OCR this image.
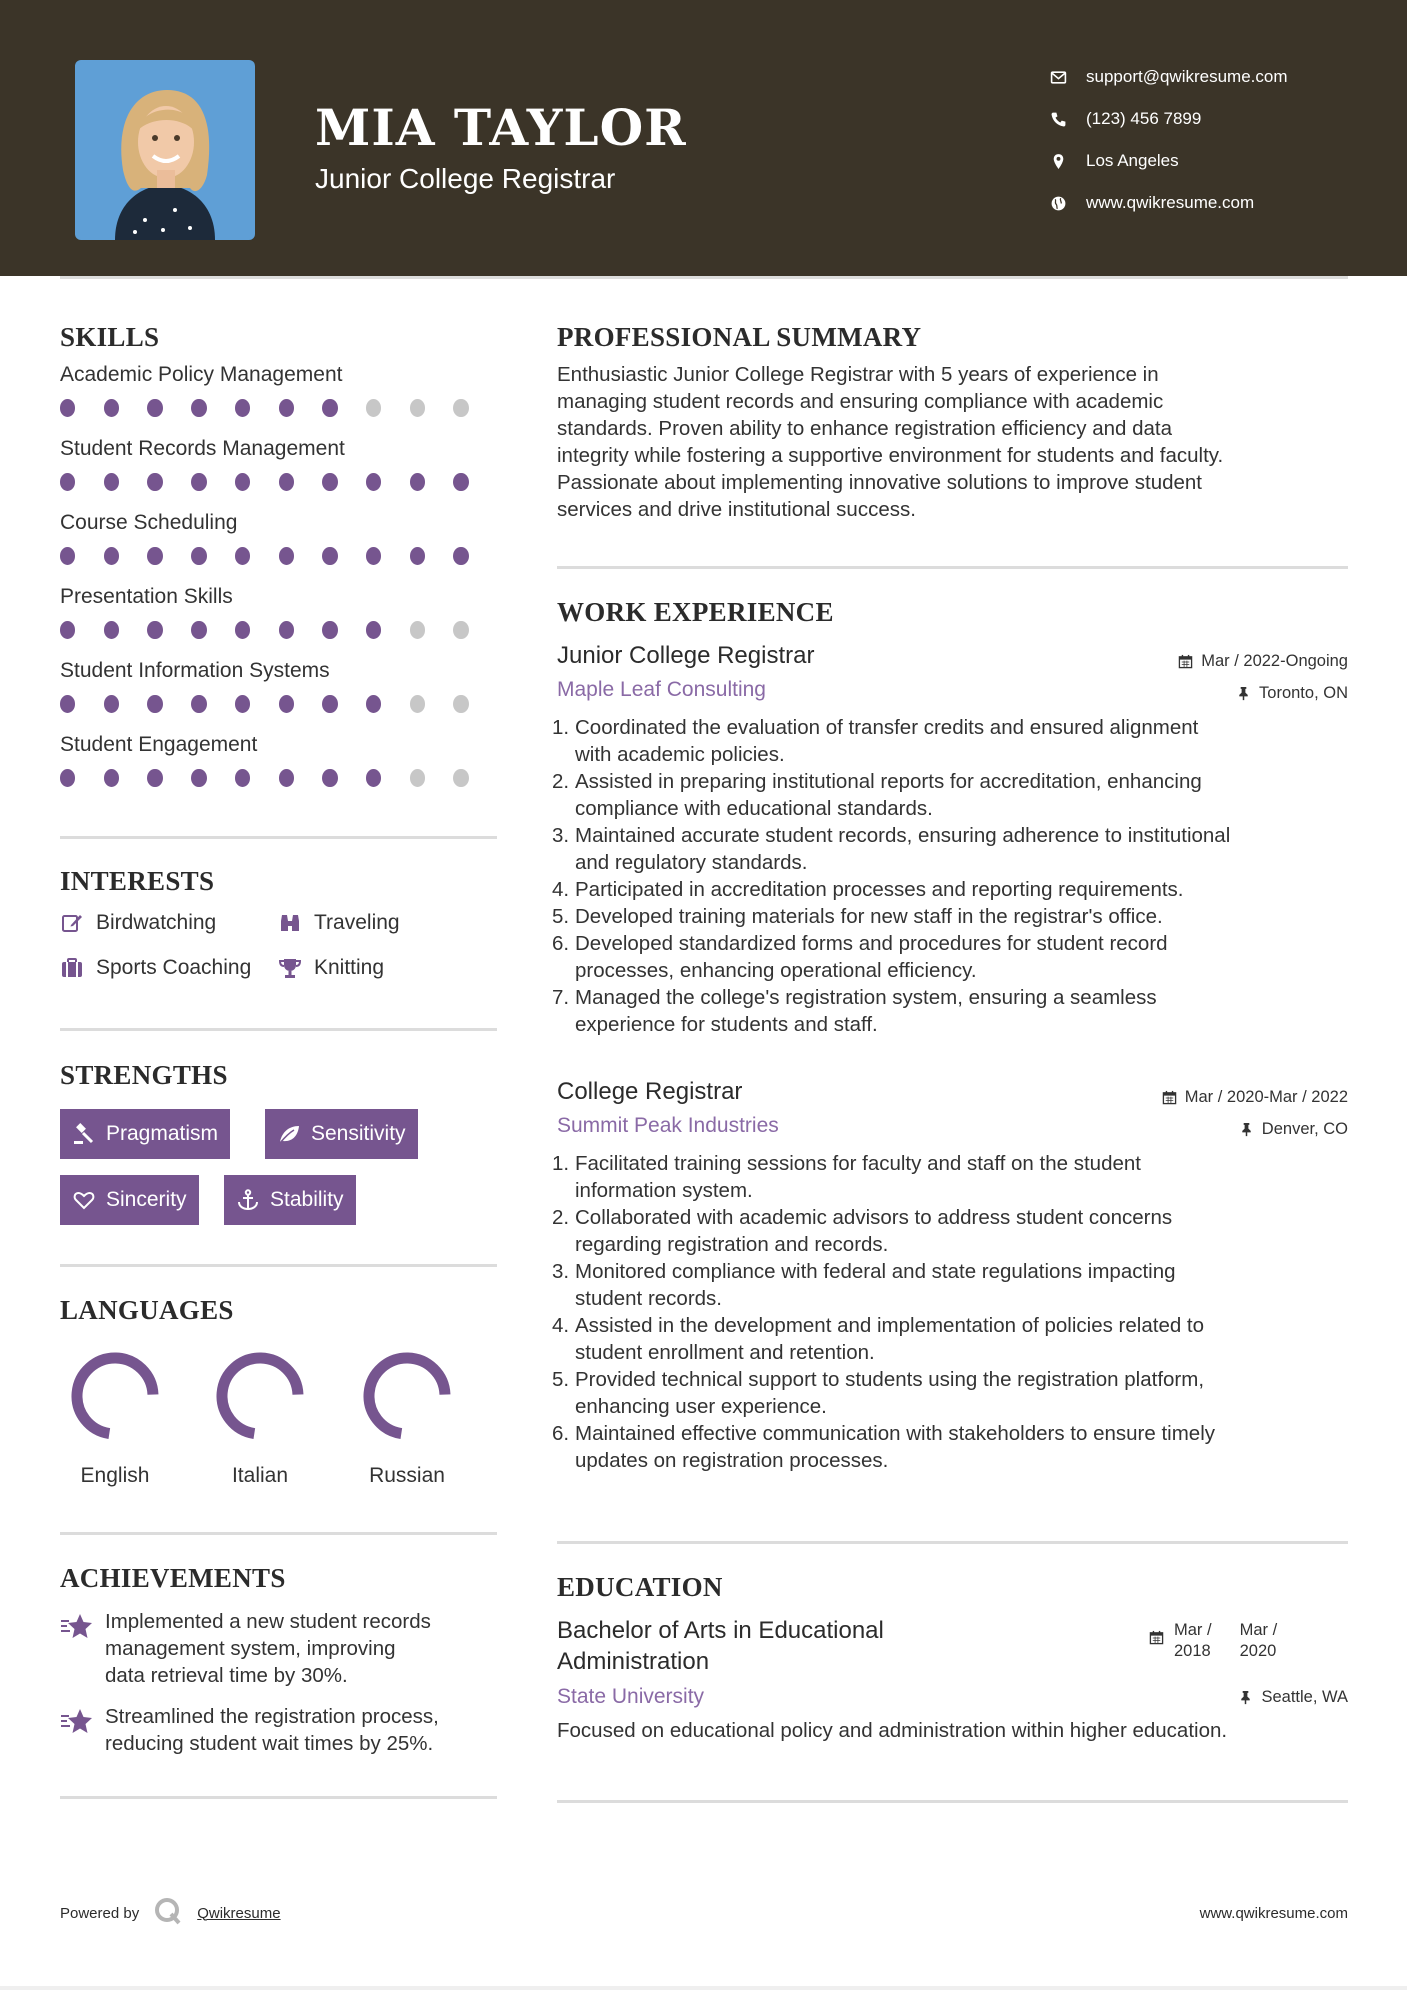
MIA TAYLOR
Junior College Registrar
support@qwikresume.com
(123) 456 7899
Los Angeles
www.qwikresume.com
SKILLS
Academic Policy Management
Student Records Management
Course Scheduling
Presentation Skills
Student Information Systems
Student Engagement
INTERESTS
Birdwatching	Traveling
Sports Coaching	Knitting
STRENGTHS
Pragmatism	Sensitivity
Sincerity	Stability
LANGUAGES
English	Italian	Russian
ACHIEVEMENTS
Implemented a new student records
management system, improving
data retrieval time by 30%.
Streamlined the registration process,
reducing student wait times by 25%.
PROFESSIONAL SUMMARY
Enthusiastic Junior College Registrar with 5 years of experience in
managing student records and ensuring compliance with academic
standards. Proven ability to enhance registration efficiency and data
integrity while fostering a supportive environment for students and faculty.
Passionate about implementing innovative solutions to improve student
services and drive institutional success.
WORK EXPERIENCE
Junior College Registrar
Maple Leaf Consulting
Coordinated the evaluation of transfer credits and ensured alignment
with academic policies.
Assisted in preparing institutional reports for accreditation, enhancing
compliance with educational standards.
Maintained accurate student records, ensuring adherence to institutional
and regulatory standards.
Participated in accreditation processes and reporting requirements.
Developed training materials for new staff in the registrar's office.
Developed standardized forms and procedures for student record
processes, enhancing operational efficiency.
Managed the college's registration system, ensuring a seamless
experience for students and staff.
Mar / 2022-Ongoing
Toronto, ON
College Registrar
Summit Peak Industries
Facilitated training sessions for faculty and staff on the student
information system.
Collaborated with academic advisors to address student concerns
regarding registration and records.
Monitored compliance with federal and state regulations impacting
student records.
Assisted in the development and implementation of policies related to
student enrollment and retention.
Provided technical support to students using the registration platform,
enhancing user experience.
Maintained effective communication with stakeholders to ensure timely
updates on registration processes.
Mar / 2020-Mar / 2022
Denver, CO
EDUCATION
Bachelor of Arts in Educational
Administration
State University
Focused on educational policy and administration within higher education.
Mar /
2018
Mar /
2020
Seattle, WA
Powered by	Qwikresume	www.qwikresume.com
